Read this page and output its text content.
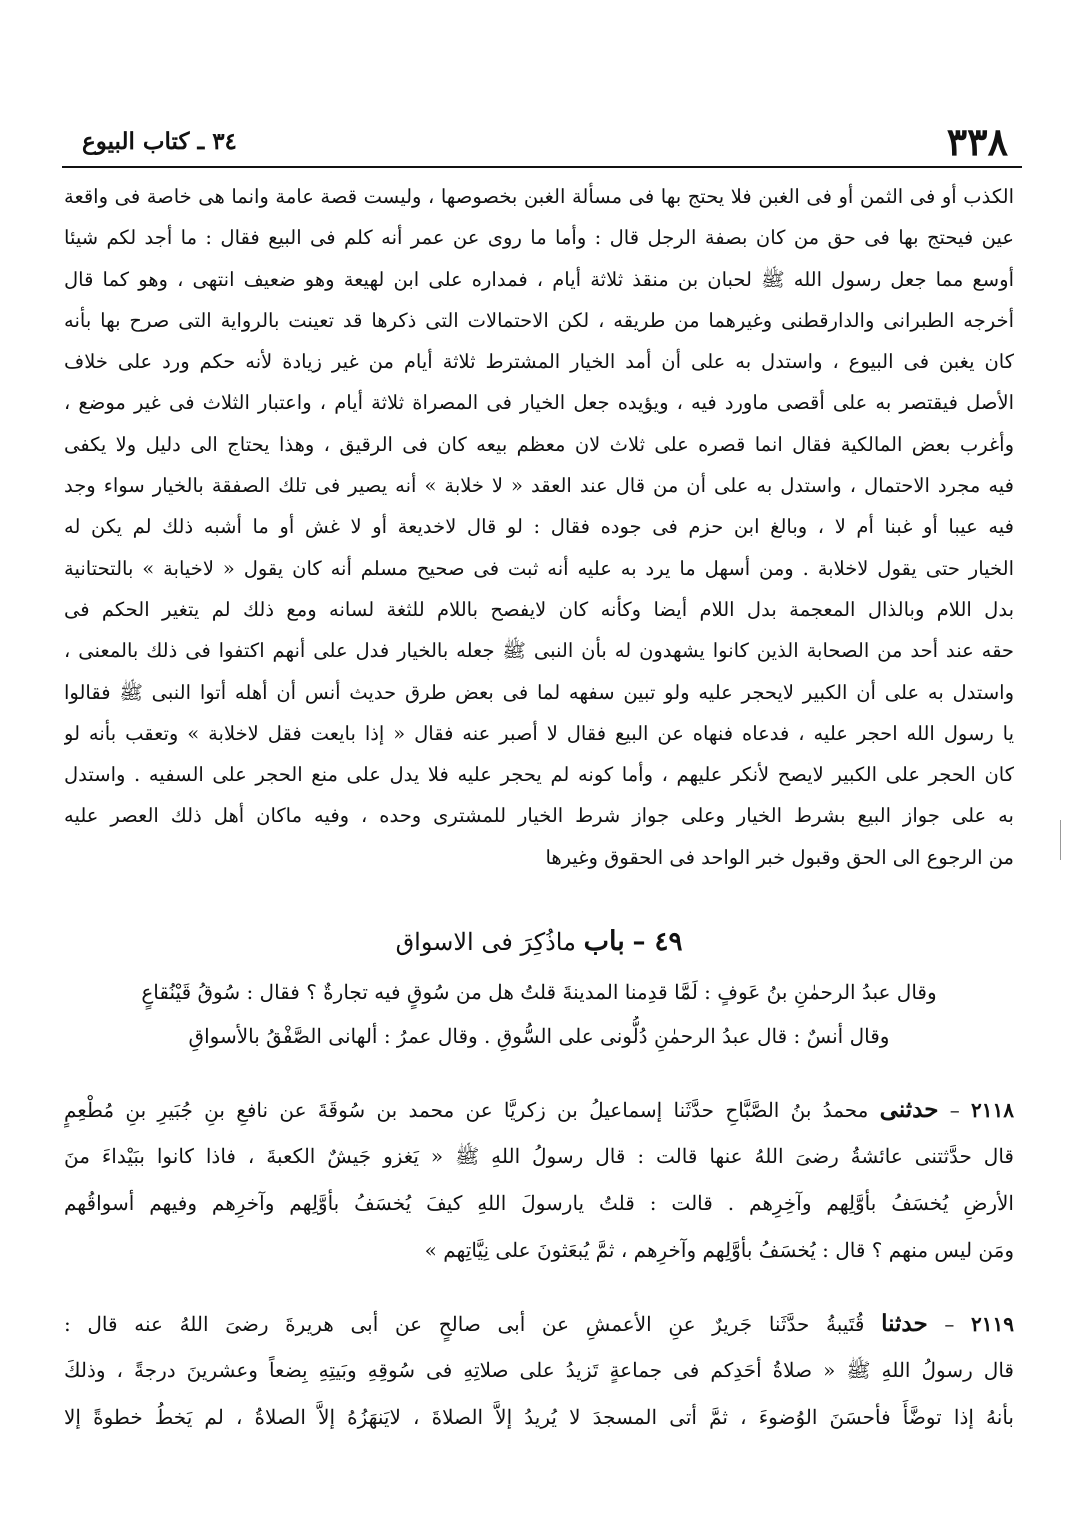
٣٣٨
٣٤ ـ كتاب البيوع
الكذب أو فى الثمن أو فى الغبن فلا يحتج بها فى مسألة الغبن بخصوصها ، وليست قصة عامة وانما هى خاصة فى واقعة
عين فيحتج بها فى حق من كان بصفة الرجل قال : وأما ما روى عن عمر أنه كلم فى البيع فقال : ما أجد لكم شيئا
أوسع مما جعل رسول الله ﷺ لحبان بن منقذ ثلاثة أيام ، فمداره على ابن لهيعة وهو ضعيف انتهى ، وهو كما قال
أخرجه الطبرانى والدارقطنى وغيرهما من طريقه ، لكن الاحتمالات التى ذكرها قد تعينت بالرواية التى صرح بها بأنه
كان يغبن فى البيوع ، واستدل به على أن أمد الخيار المشترط ثلاثة أيام من غير زيادة لأنه حكم ورد على خلاف
الأصل فيقتصر به على أقصى ماورد فيه ، ويؤيده جعل الخيار فى المصراة ثلاثة أيام ، واعتبار الثلاث فى غير موضع ،
وأغرب بعض المالكية فقال انما قصره على ثلاث لان معظم بيعه كان فى الرقيق ، وهذا يحتاج الى دليل ولا يكفى
فيه مجرد الاحتمال ، واستدل به على أن من قال عند العقد « لا خلابة » أنه يصير فى تلك الصفقة بالخيار سواء وجد
فيه عيبا أو غبنا أم لا ، وبالغ ابن حزم فى جوده فقال : لو قال لاخديعة أو لا غش أو ما أشبه ذلك لم يكن له
الخيار حتى يقول لاخلابة . ومن أسهل ما يرد به عليه أنه ثبت فى صحيح مسلم أنه كان يقول « لاخيابة » بالتحتانية
بدل اللام وبالذال المعجمة بدل اللام أيضا وكأنه كان لايفصح باللام للثغة لسانه ومع ذلك لم يتغير الحكم فى
حقه عند أحد من الصحابة الذين كانوا يشهدون له بأن النبى ﷺ جعله بالخيار فدل على أنهم اكتفوا فى ذلك بالمعنى ،
واستدل به على أن الكبير لايحجر عليه ولو تبين سفهه لما فى بعض طرق حديث أنس أن أهله أتوا النبى ﷺ فقالوا
يا رسول الله احجر عليه ، فدعاه فنهاه عن البيع فقال لا أصبر عنه فقال « إذا بايعت فقل لاخلابة » وتعقب بأنه لو
كان الحجر على الكبير لايصح لأنكر عليهم ، وأما كونه لم يحجر عليه فلا يدل على منع الحجر على السفيه . واستدل
به على جواز البيع بشرط الخيار وعلى جواز شرط الخيار للمشترى وحده ، وفيه ماكان أهل ذلك العصر عليه
من الرجوع الى الحق وقبول خبر الواحد فى الحقوق وغيرها
٤٩ – باب ماذُكِرَ فى الاسواق
وقال عبدُ الرحمٰنِ بنُ عَوفٍ : لَمَّا قدِمنا المدينةَ قلتُ هل من سُوقٍ فيه تجارةٌ ؟ فقال : سُوقُ قَيْنُقاعٍ
وقال أنسٌ : قال عبدُ الرحمٰنِ دُلُّونى على السُّوقِ . وقال عمرُ : ألهانى الصَّفْقُ بالأسواقِ
٢١١٨ – حدثنى محمدُ بنُ الصَّبَّاحِ حدَّثَنا إسماعيلُ بن زكريَّا عن محمد بن سُوقَةَ عن نافعِ بنِ جُبَيرِ بنِ مُطْعِمٍ
قال حدَّثتنى عائشةُ رضىَ اللهُ عنها قالت : قال رسولُ اللهِ ﷺ « يَغزو جَيشٌ الكعبةَ ، فاذا كانوا ببَيْداءَ منَ
الأرضِ يُخسَفُ بأوَّلِهم وآخِرِهم . قالت : قلتُ يارسولَ اللهِ كيفَ يُخسَفُ بأوَّلِهم وآخرِهم وفيهم أسواقُهم
ومَن ليس منهم ؟ قال : يُخسَفُ بأوَّلِهم وآخرِهم ، ثمَّ يُبعَثونَ على نِيَّاتِهم »
٢١١٩ – حدثنا قُتَيبةُ حدَّثَنا جَريرٌ عنِ الأعمشِ عن أبى صالحٍ عن أبى هريرةَ رضىَ اللهُ عنه قال :
قال رسولُ اللهِ ﷺ « صلاةُ أحَدِكم فى جماعةٍ تَزيدُ على صلاتِهِ فى سُوقِهِ وبَيتِهِ بِضعاً وعشرينَ درجةً ، وذلكَ
بأنهُ إذا توضَّأَ فأحسَنَ الوُضوءَ ، ثمَّ أتى المسجدَ لا يُريدُ إلاَّ الصلاةَ ، لايَنهَزُهُ إلاَّ الصلاةُ ، لم يَخطُ خطوةً إلا
